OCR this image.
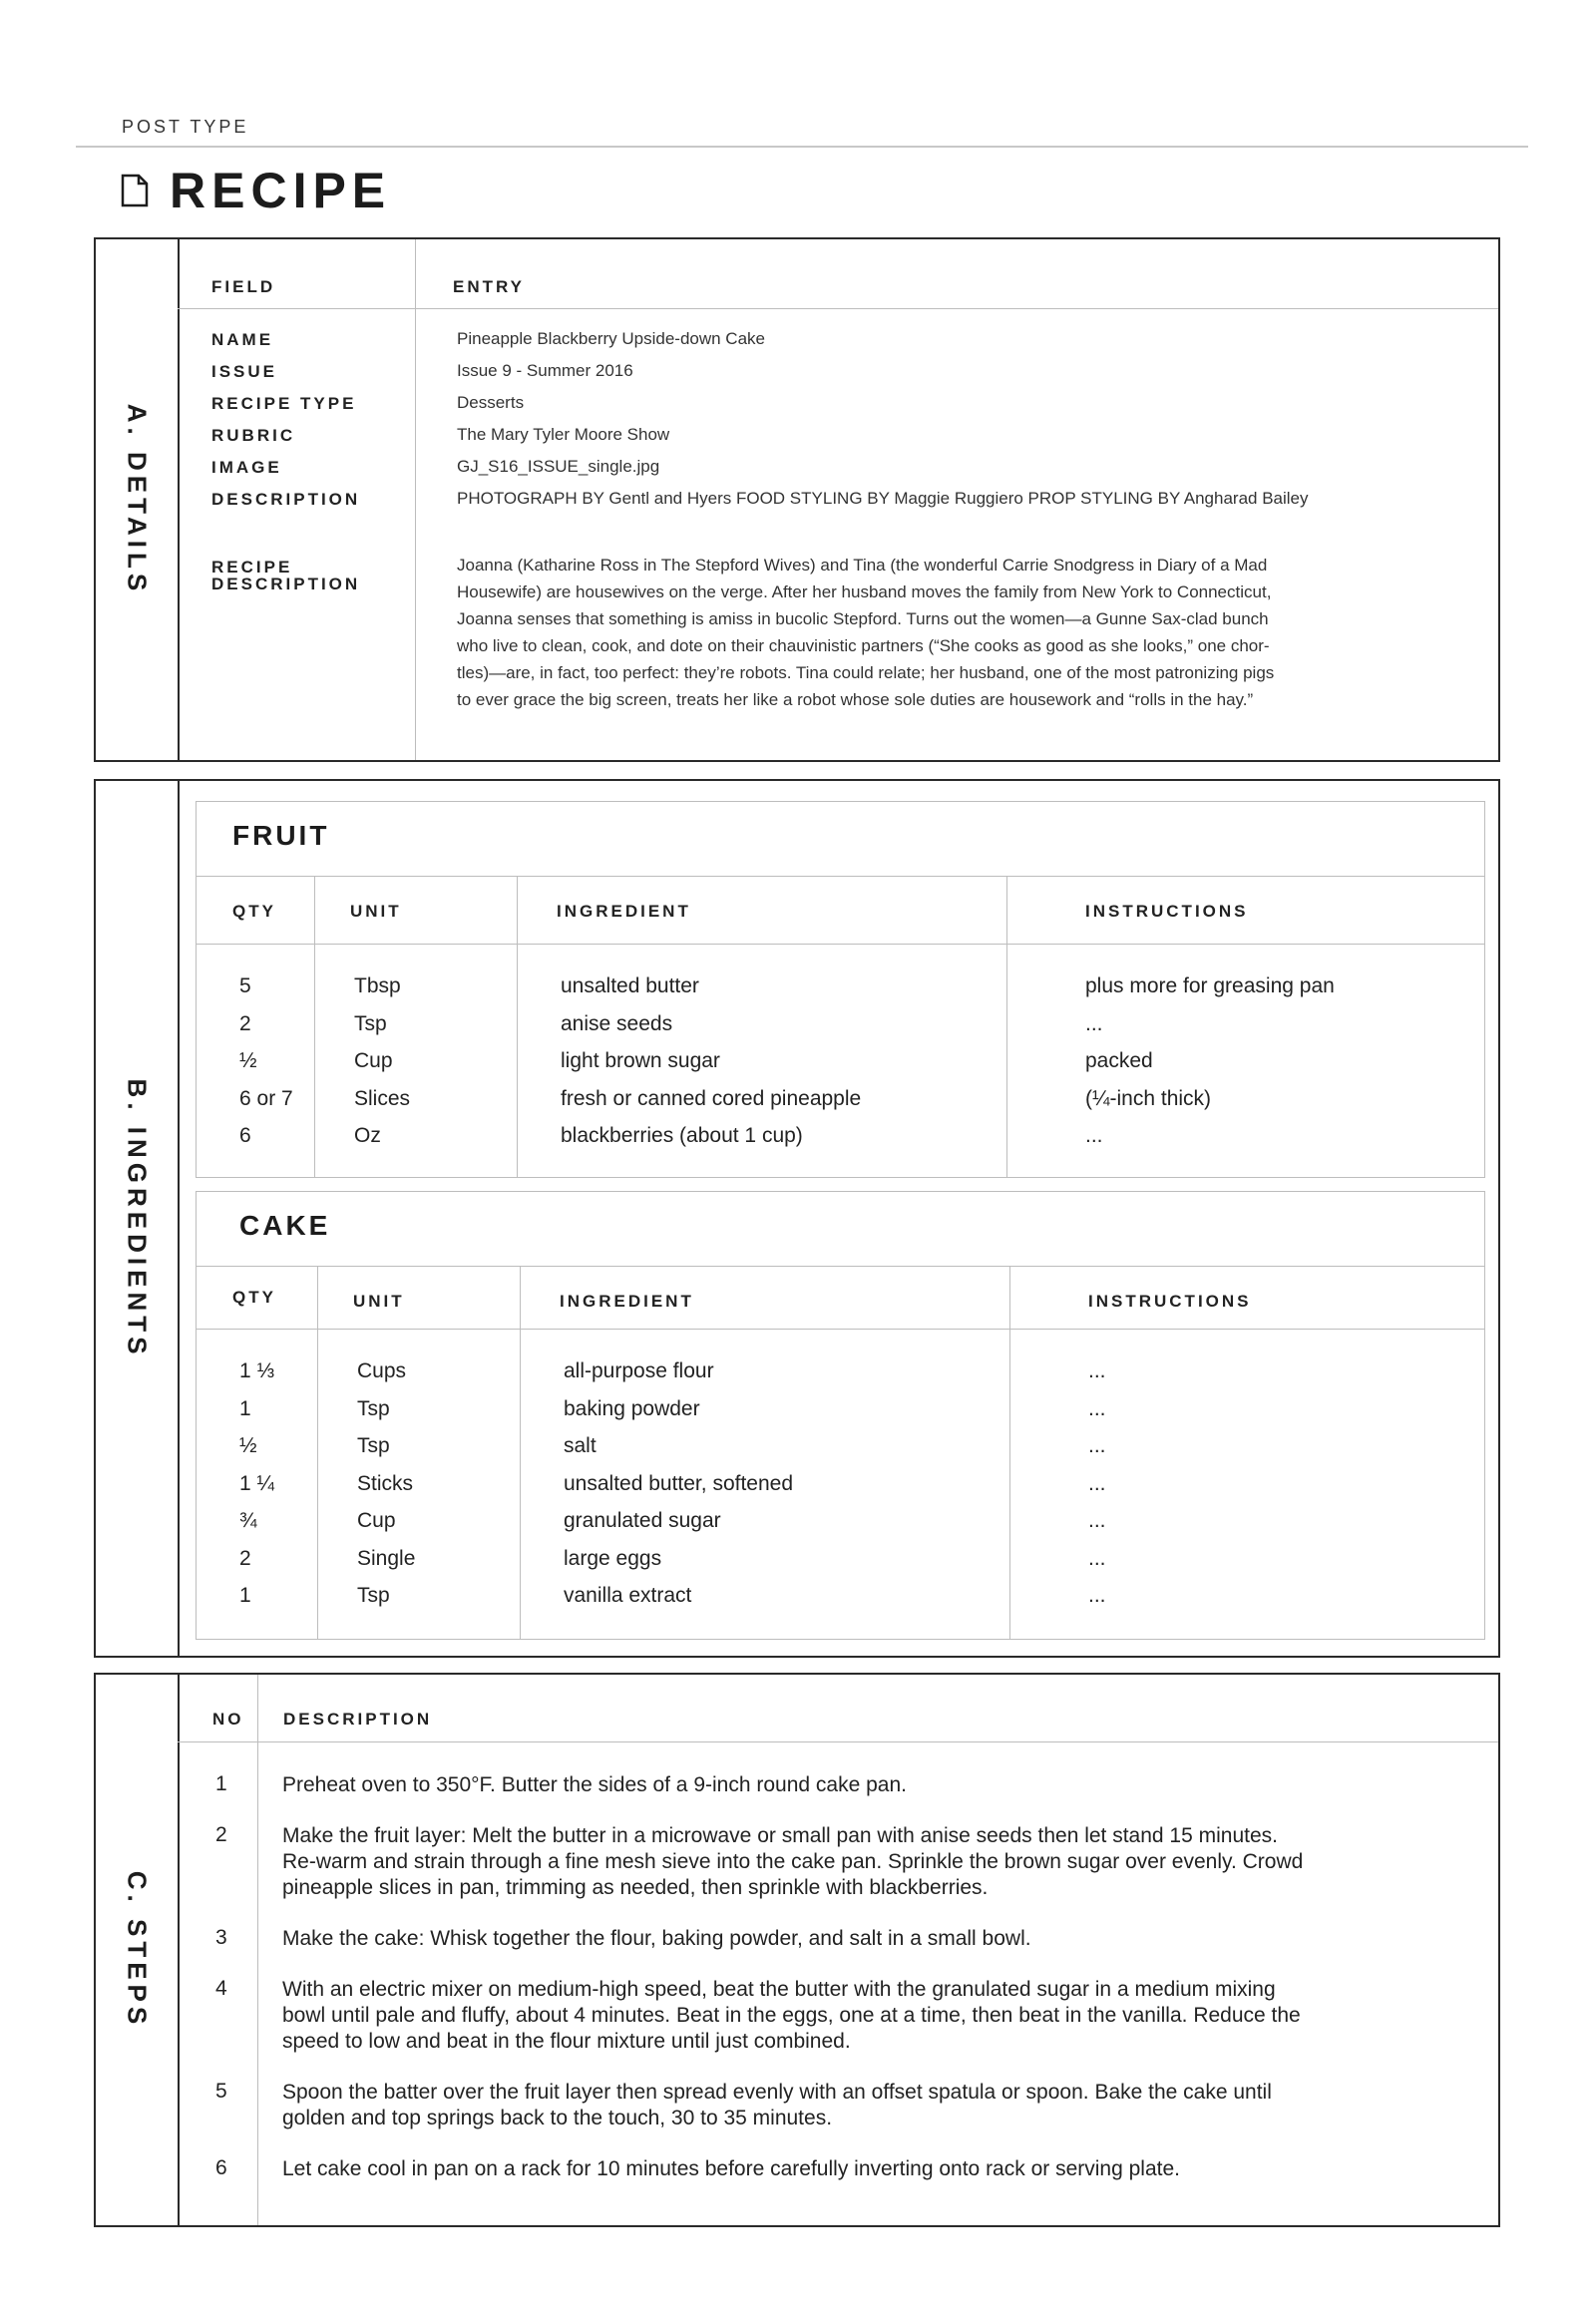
POST TYPE
RECIPE
A. DETAILS
FIELD	ENTRY
NAME	Pineapple Blackberry Upside-down Cake
ISSUE	Issue 9 - Summer 2016
RECIPE TYPE	Desserts
RUBRIC	The Mary Tyler Moore Show
IMAGE	GJ_S16_ISSUE_single.jpg
DESCRIPTION	PHOTOGRAPH BY Gentl and Hyers FOOD STYLING BY Maggie Ruggiero PROP STYLING BY Angharad Bailey
RECIPE
DESCRIPTION
Joanna (Katharine Ross in The Stepford Wives) and Tina (the wonderful Carrie Snodgress in Diary of a Mad
Housewife) are housewives on the verge. After her husband moves the family from New York to Connecticut,
Joanna senses that something is amiss in bucolic Stepford. Turns out the women—a Gunne Sax-clad bunch
who live to clean, cook, and dote on their chauvinistic partners (“She cooks as good as she looks,” one chor-
tles)—are, in fact, too perfect: they’re robots. Tina could relate; her husband, one of the most patronizing pigs
to ever grace the big screen, treats her like a robot whose sole duties are housework and “rolls in the hay.”
B. INGREDIENTS
FRUIT
QTY	UNIT	INGREDIENT	INSTRUCTIONS
5	Tbsp	unsalted butter	plus more for greasing pan
2	Tsp	anise seeds	...
½	Cup	light brown sugar	packed
6 or 7	Slices	fresh or canned cored pineapple	(¼-inch thick)
6	Oz	blackberries (about 1 cup)	...
CAKE
QTY	UNIT	INGREDIENT	INSTRUCTIONS
1 ⅓	Cups	all-purpose flour	...
1	Tsp	baking powder	...
½	Tsp	salt	...
1 ¼	Sticks	unsalted butter, softened	...
¾	Cup	granulated sugar	...
2	Single	large eggs	...
1	Tsp	vanilla extract	...
C. STEPS
NO DESCRIPTION
1	Preheat oven to 350°F. Butter the sides of a 9-inch round cake pan.
2	Make the fruit layer: Melt the butter in a microwave or small pan with anise seeds then let stand 15 minutes.
Re-warm and strain through a fine mesh sieve into the cake pan. Sprinkle the brown sugar over evenly. Crowd
pineapple slices in pan, trimming as needed, then sprinkle with blackberries.
3	Make the cake: Whisk together the flour, baking powder, and salt in a small bowl.
4	With an electric mixer on medium-high speed, beat the butter with the granulated sugar in a medium mixing
bowl until pale and fluffy, about 4 minutes. Beat in the eggs, one at a time, then beat in the vanilla. Reduce the
speed to low and beat in the flour mixture until just combined.
5	Spoon the batter over the fruit layer then spread evenly with an offset spatula or spoon. Bake the cake until
golden and top springs back to the touch, 30 to 35 minutes.
6	Let cake cool in pan on a rack for 10 minutes before carefully inverting onto rack or serving plate.
